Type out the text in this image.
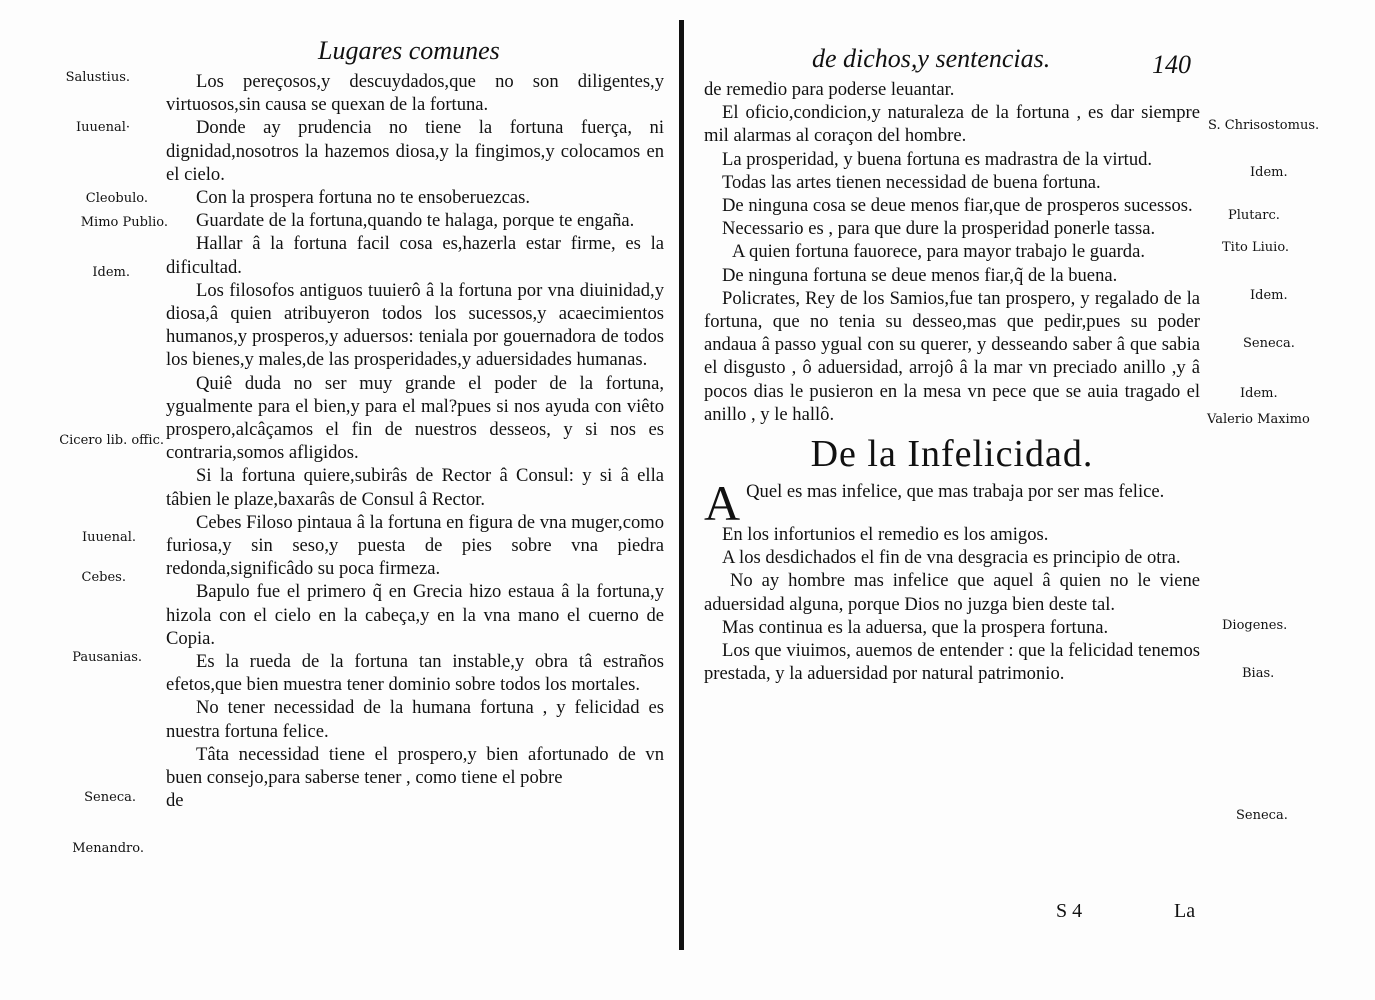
Lugares comunes
Salustius.
Iuuenal·
Cleobulo.
Mimo Publio.
Idem.
Cicero lib. offic.
Iuuenal.
Cebes.
Pausanias.
Seneca.
Menandro.
Los pereçosos,y descuydados,que no son diligentes,y virtuosos,sin causa se quexan de la fortuna.
Donde ay prudencia no tiene la fortuna fuerça, ni dignidad,nosotros la hazemos diosa,y la fingimos,y colocamos en el cielo.
Con la prospera fortuna no te ensoberuezcas.
Guardate de la fortuna,quando te halaga, porque te engaña.
Hallar â la fortuna facil cosa es,hazerla estar firme, es la dificultad.
Los filosofos antiguos tuuierô â la fortuna por vna diuinidad,y diosa,â quien atribuyeron todos los sucessos,y acaecimientos humanos,y prosperos,y aduersos: teniala por gouernadora de todos los bienes,y males,de las prosperidades,y aduersidades humanas.
Quiê duda no ser muy grande el poder de la fortuna, ygualmente para el bien,y para el mal?pues si nos ayuda con viêto prospero,alcâçamos el fin de nuestros desseos, y si nos es contraria,somos afligidos.
Si la fortuna quiere,subirâs de Rector â Consul: y si â ella tâbien le plaze,baxarâs de Consul â Rector.
Cebes Filoso pintaua â la fortuna en figura de vna muger,como furiosa,y sin seso,y puesta de pies sobre vna piedra redonda,significâdo su poca firmeza.
Bapulo fue el primero q̃ en Grecia hizo estaua â la fortuna,y hizola con el cielo en la cabeça,y en la vna mano el cuerno de Copia.
Es la rueda de la fortuna tan instable,y obra tâ estraños efetos,que bien muestra tener dominio sobre todos los mortales.
No tener necessidad de la humana fortuna , y felicidad es nuestra fortuna felice.
Tâta necessidad tiene el prospero,y bien afortunado de vn buen consejo,para saberse tener , como tiene el pobre
de
de dichos,y sentencias.	140
S. Chrisostomus.
Idem.
Plutarc.
Tito Liuio.
Idem.
Seneca.
Idem.
Valerio Maximo
Diogenes.
Bias.
Seneca.
de remedio para poderse leuantar.
El oficio,condicion,y naturaleza de la fortuna , es dar siempre mil alarmas al coraçon del hombre.
La prosperidad, y buena fortuna es madrastra de la virtud.
Todas las artes tienen necessidad de buena fortuna.
De ninguna cosa se deue menos fiar,que de prosperos sucessos.
Necessario es , para que dure la prosperidad ponerle tassa.
A quien fortuna fauorece, para mayor trabajo le guarda.
De ninguna fortuna se deue menos fiar,q̃ de la buena.
Policrates, Rey de los Samios,fue tan prospero, y regalado de la fortuna, que no tenia su desseo,mas que pedir,pues su poder andaua â passo ygual con su querer, y desseando saber â que sabia el disgusto , ô aduersidad, arrojô â la mar vn preciado anillo ,y â pocos dias le pusieron en la mesa vn pece que se auia tragado el anillo , y le hallô.
De la Infelicidad.
A Quel es mas infelice, que mas trabaja por ser mas felice.
En los infortunios el remedio es los amigos.
A los desdichados el fin de vna desgracia es principio de otra.
No ay hombre mas infelice que aquel â quien no le viene aduersidad alguna, porque Dios no juzga bien deste tal.
Mas continua es la aduersa, que la prospera fortuna.
Los que viuimos, auemos de entender : que la felicidad tenemos prestada, y la aduersidad por natural patrimonio.
S 4	La
